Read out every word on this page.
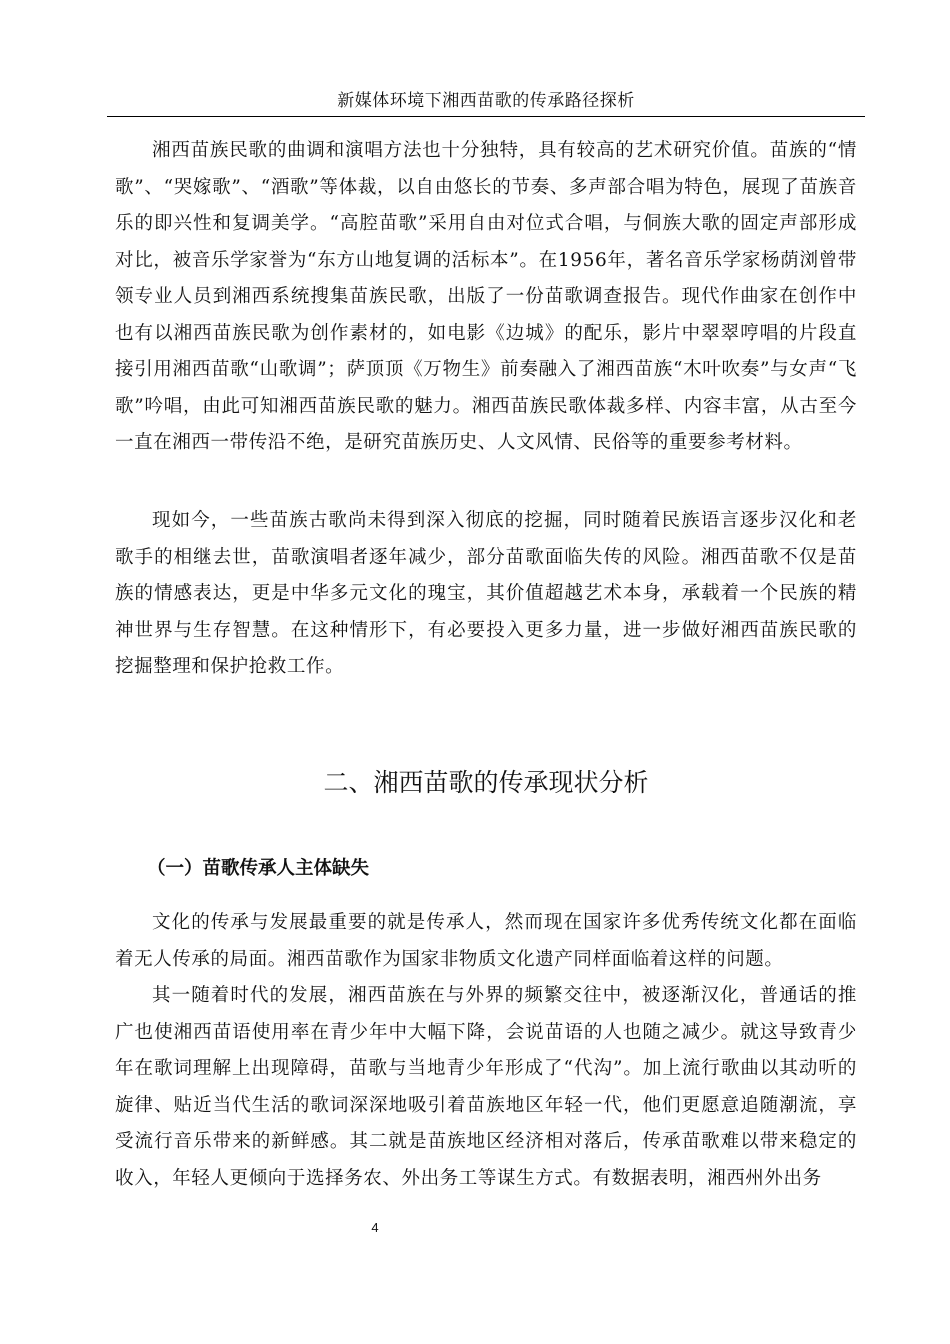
新媒体环境下湘西苗歌的传承路径探析

湘西苗族民歌的曲调和演唱方法也十分独特，具有较高的艺术研究价值。苗族的“情歌”、“哭嫁歌”、“酒歌”等体裁，以自由悠长的节奏、多声部合唱为特色，展现了苗族音乐的即兴性和复调美学。“高腔苗歌”采用自由对位式合唱，与侗族大歌的固定声部形成对比，被音乐学家誉为“东方山地复调的活标本”。在1956年，著名音乐学家杨荫浏曾带领专业人员到湘西系统搜集苗族民歌，出版了一份苗歌调查报告。现代作曲家在创作中也有以湘西苗族民歌为创作素材的，如电影《边城》的配乐，影片中翠翠哼唱的片段直接引用湘西苗歌“山歌调”；萨顶顶《万物生》前奏融入了湘西苗族“木叶吹奏”与女声“飞歌”吟唱，由此可知湘西苗族民歌的魅力。湘西苗族民歌体裁多样、内容丰富，从古至今一直在湘西一带传沿不绝，是研究苗族历史、人文风情、民俗等的重要参考材料。

现如今，一些苗族古歌尚未得到深入彻底的挖掘，同时随着民族语言逐步汉化和老歌手的相继去世，苗歌演唱者逐年减少，部分苗歌面临失传的风险。湘西苗歌不仅是苗族的情感表达，更是中华多元文化的瑰宝，其价值超越艺术本身，承载着一个民族的精神世界与生存智慧。在这种情形下，有必要投入更多力量，进一步做好湘西苗族民歌的挖掘整理和保护抢救工作。

二、湘西苗歌的传承现状分析
（一）苗歌传承人主体缺失

文化的传承与发展最重要的就是传承人，然而现在国家许多优秀传统文化都在面临着无人传承的局面。湘西苗歌作为国家非物质文化遗产同样面临着这样的问题。

其一随着时代的发展，湘西苗族在与外界的频繁交往中，被逐渐汉化，普通话的推广也使湘西苗语使用率在青少年中大幅下降，会说苗语的人也随之减少。就这导致青少年在歌词理解上出现障碍，苗歌与当地青少年形成了“代沟”。加上流行歌曲以其动听的旋律、贴近当代生活的歌词深深地吸引着苗族地区年轻一代，他们更愿意追随潮流，享受流行音乐带来的新鲜感。其二就是苗族地区经济相对落后，传承苗歌难以带来稳定的收入，年轻人更倾向于选择务农、外出务工等谋生方式。有数据表明，湘西州外出务

4
